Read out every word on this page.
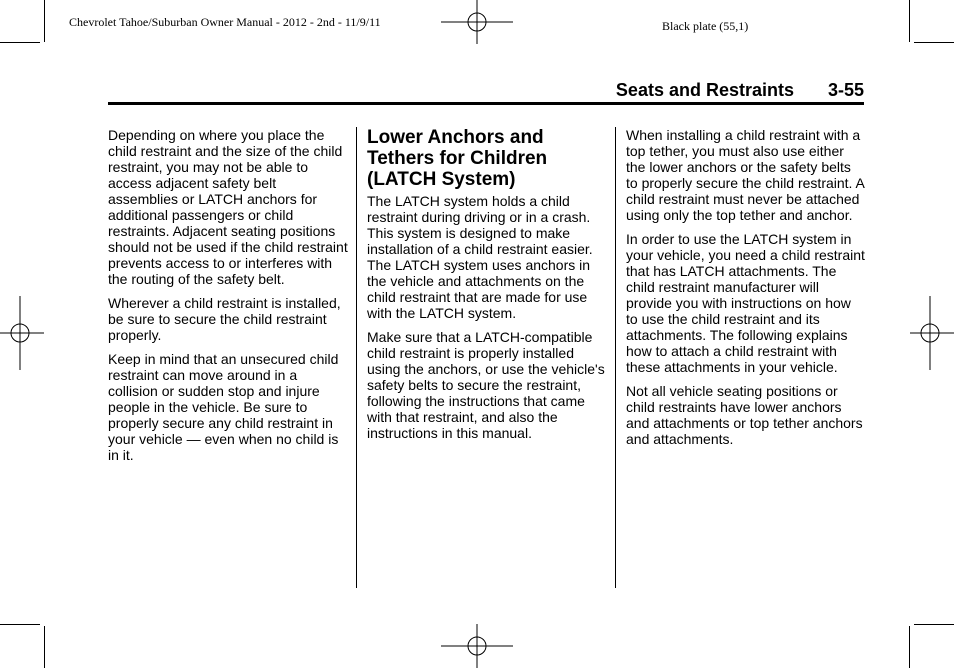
Chevrolet Tahoe/Suburban Owner Manual - 2012 - 2nd - 11/9/11	Black plate (55,1)
Seats and Restraints 3-55

Depending on where you place the child restraint and the size of the child restraint, you may not be able to access adjacent safety belt assemblies or LATCH anchors for additional passengers or child restraints. Adjacent seating positions should not be used if the child restraint prevents access to or interferes with the routing of the safety belt.

Wherever a child restraint is installed, be sure to secure the child restraint properly.

Keep in mind that an unsecured child restraint can move around in a collision or sudden stop and injure people in the vehicle. Be sure to properly secure any child restraint in your vehicle — even when no child is in it.

Lower Anchors and Tethers for Children (LATCH System)

The LATCH system holds a child restraint during driving or in a crash. This system is designed to make installation of a child restraint easier. The LATCH system uses anchors in the vehicle and attachments on the child restraint that are made for use with the LATCH system.

Make sure that a LATCH-compatible child restraint is properly installed using the anchors, or use the vehicle's safety belts to secure the restraint, following the instructions that came with that restraint, and also the instructions in this manual.

When installing a child restraint with a top tether, you must also use either the lower anchors or the safety belts to properly secure the child restraint. A child restraint must never be attached using only the top tether and anchor.

In order to use the LATCH system in your vehicle, you need a child restraint that has LATCH attachments. The child restraint manufacturer will provide you with instructions on how to use the child restraint and its attachments. The following explains how to attach a child restraint with these attachments in your vehicle.

Not all vehicle seating positions or child restraints have lower anchors and attachments or top tether anchors and attachments.
